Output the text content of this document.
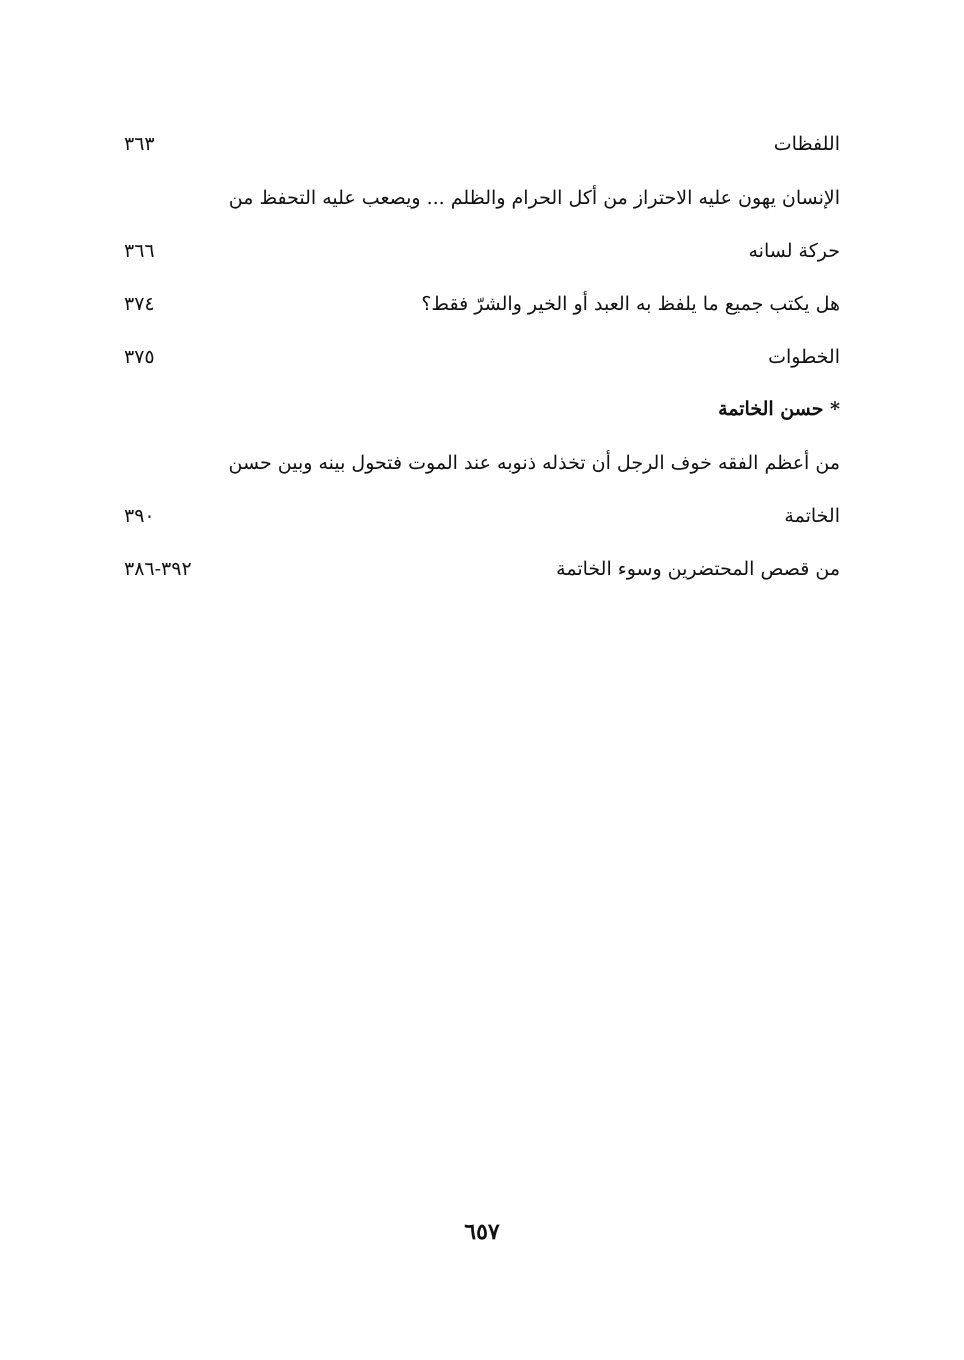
اللفظات
٣٦٣
الإنسان يهون عليه الاحتراز من أكل الحرام والظلم ... ويصعب عليه التحفظ من
حركة لسانه
٣٦٦
هل يكتب جميع ما يلفظ به العبد أو الخير والشرّ فقط؟
٣٧٤
الخطوات
٣٧٥
* حسن الخاتمة
من أعظم الفقه خوف الرجل أن تخذله ذنوبه عند الموت فتحول بينه وبين حسن
الخاتمة
٣٩٠
من قصص المحتضرين وسوء الخاتمة
٣٩٢-٣٨٦
٦٥٧
